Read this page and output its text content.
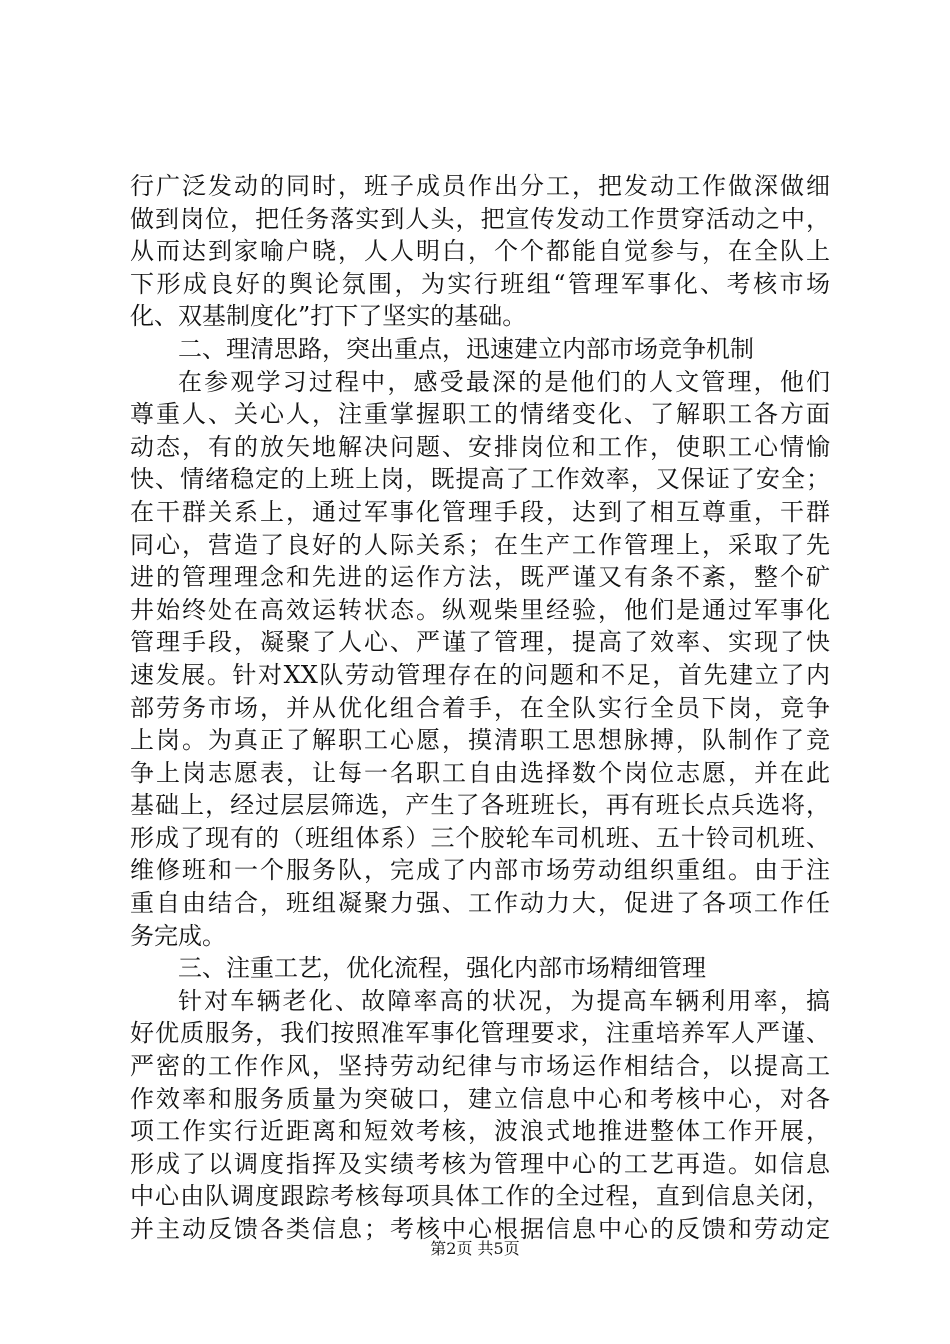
行广泛发动的同时，班子成员作出分工，把发动工作做深做细
做到岗位，把任务落实到人头，把宣传发动工作贯穿活动之中，
从而达到家喻户晓，人人明白，个个都能自觉参与，在全队上
下形成良好的舆论氛围，为实行班组“管理军事化、考核市场
化、双基制度化”打下了坚实的基础。
二、理清思路，突出重点，迅速建立内部市场竞争机制
在参观学习过程中，感受最深的是他们的人文管理，他们
尊重人、关心人，注重掌握职工的情绪变化、了解职工各方面
动态，有的放矢地解决问题、安排岗位和工作，使职工心情愉
快、情绪稳定的上班上岗，既提高了工作效率，又保证了安全；
在干群关系上，通过军事化管理手段，达到了相互尊重，干群
同心，营造了良好的人际关系；在生产工作管理上，采取了先
进的管理理念和先进的运作方法，既严谨又有条不紊，整个矿
井始终处在高效运转状态。纵观柴里经验，他们是通过军事化
管理手段，凝聚了人心、严谨了管理，提高了效率、实现了快
速发展。针对XX队劳动管理存在的问题和不足，首先建立了内
部劳务市场，并从优化组合着手，在全队实行全员下岗，竞争
上岗。为真正了解职工心愿，摸清职工思想脉搏，队制作了竞
争上岗志愿表，让每一名职工自由选择数个岗位志愿，并在此
基础上，经过层层筛选，产生了各班班长，再有班长点兵选将，
形成了现有的（班组体系）三个胶轮车司机班、五十铃司机班、
维修班和一个服务队，完成了内部市场劳动组织重组。由于注
重自由结合，班组凝聚力强、工作动力大，促进了各项工作任
务完成。
三、注重工艺，优化流程，强化内部市场精细管理
针对车辆老化、故障率高的状况，为提高车辆利用率，搞
好优质服务，我们按照准军事化管理要求，注重培养军人严谨、
严密的工作作风，坚持劳动纪律与市场运作相结合，以提高工
作效率和服务质量为突破口，建立信息中心和考核中心，对各
项工作实行近距离和短效考核，波浪式地推进整体工作开展，
形成了以调度指挥及实绩考核为管理中心的工艺再造。如信息
中心由队调度跟踪考核每项具体工作的全过程，直到信息关闭，
并主动反馈各类信息；考核中心根据信息中心的反馈和劳动定
第2页 共5页
